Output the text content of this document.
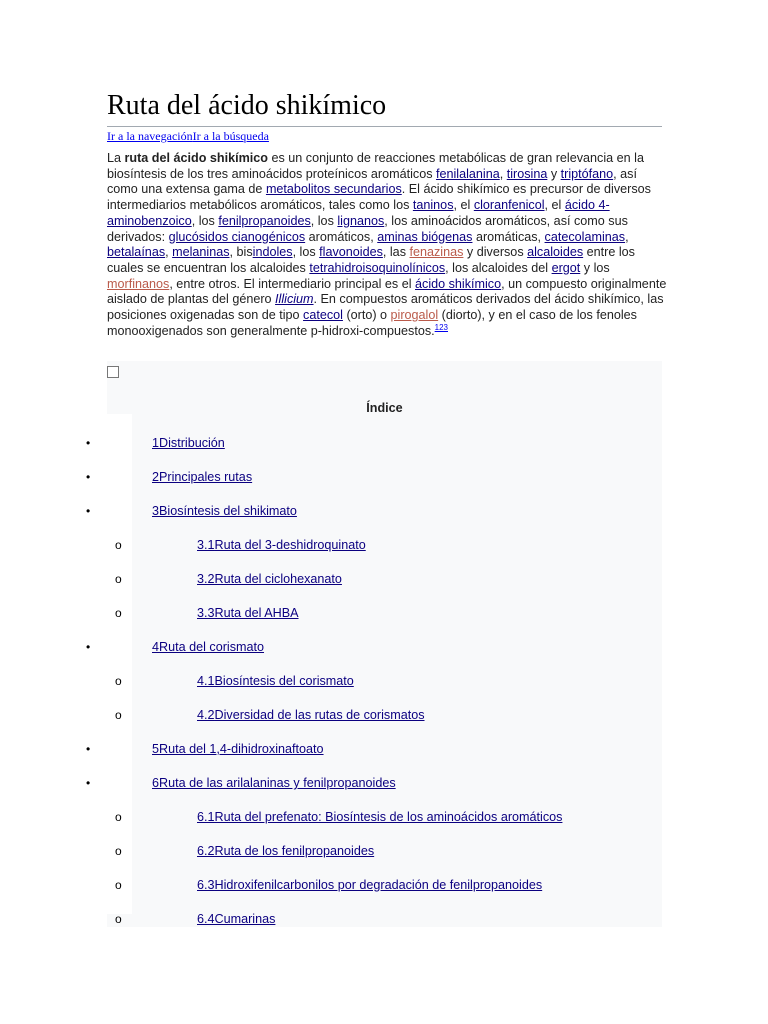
Ruta del ácido shikímico
Ir a la navegaciónIr a la búsqueda

La ruta del ácido shikímico es un conjunto de reacciones metabólicas de gran relevancia en la biosíntesis de los tres aminoácidos proteínicos aromáticos fenilalanina, tirosina y triptófano, así como una extensa gama de metabolitos secundarios. El ácido shikímico es precursor de diversos intermediarios metabólicos aromáticos, tales como los taninos, el cloranfenicol, el ácido 4-aminobenzoico, los fenilpropanoides, los lignanos, los aminoácidos aromáticos, así como sus derivados: glucósidos cianogénicos aromáticos, aminas biógenas aromáticas, catecolaminas, betalaínas, melaninas, bisindoles, los flavonoides, las fenazinas y diversos alcaloides entre los cuales se encuentran los alcaloides tetrahidroisoquinolínicos, los alcaloides del ergot y los morfinanos, entre otros. El intermediario principal es el ácido shikímico, un compuesto originalmente aislado de plantas del género Illicium. En compuestos aromáticos derivados del ácido shikímico, las posiciones oxigenadas son de tipo catecol (orto) o pirogalol (diorto), y en el caso de los fenoles monooxigenados son generalmente p-hidroxi-compuestos.$^{123}$

Índice
•	1Distribución
•	2Principales rutas
•	3Biosíntesis del shikimato
o	3.1Ruta del 3-deshidroquinato
o	3.2Ruta del ciclohexanato
o	3.3Ruta del AHBA
•	4Ruta del corismato
o	4.1Biosíntesis del corismato
o	4.2Diversidad de las rutas de corismatos
•	5Ruta del 1,4-dihidroxinaftoato
•	6Ruta de las arilalaninas y fenilpropanoides
o	6.1Ruta del prefenato: Biosíntesis de los aminoácidos aromáticos
o	6.2Ruta de los fenilpropanoides
o	6.3Hidroxifenilcarbonilos por degradación de fenilpropanoides
o	6.4Cumarinas
